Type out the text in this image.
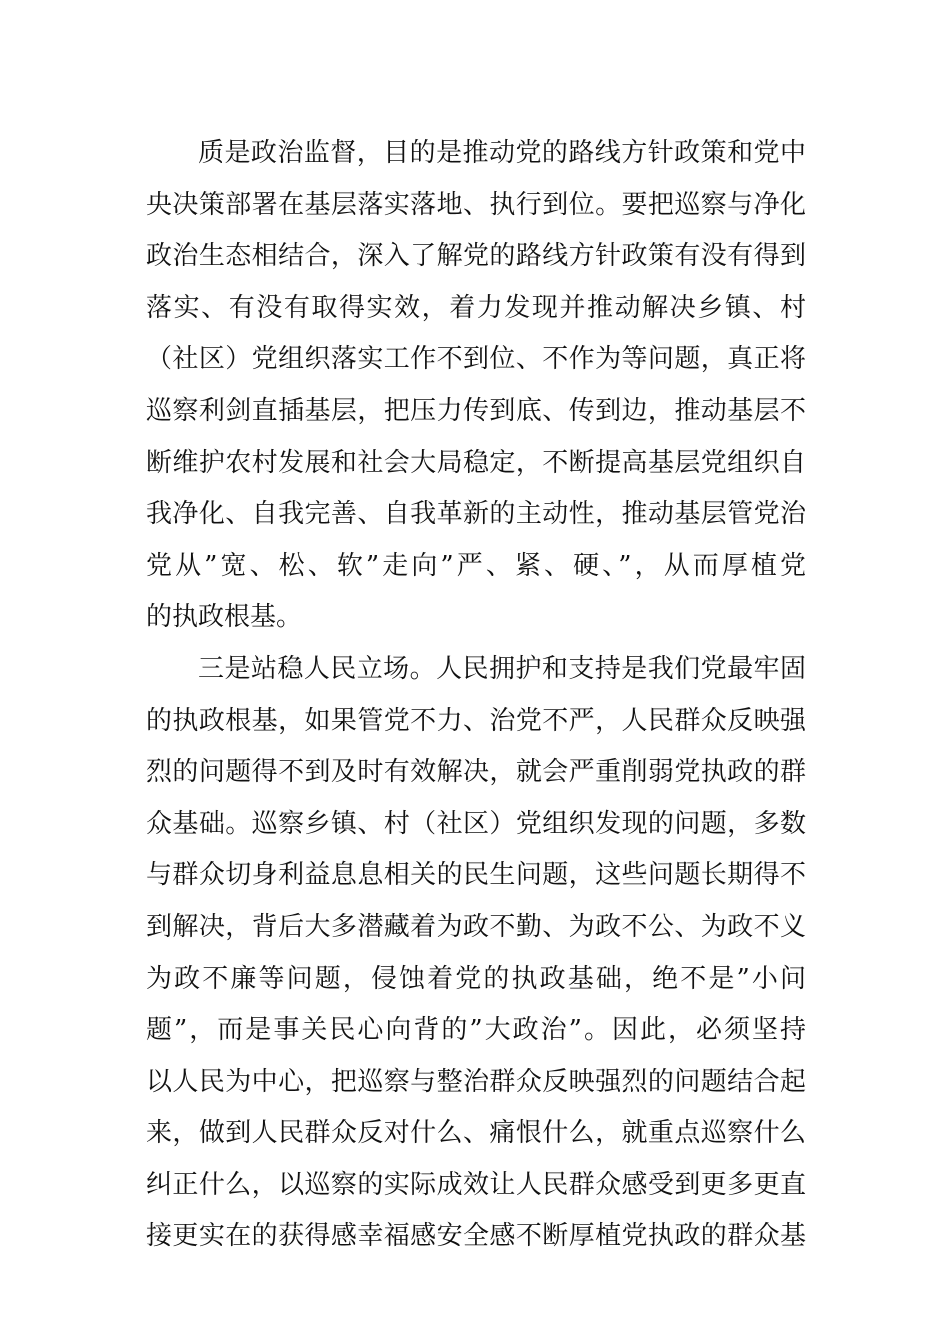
质是政治监督，目的是推动党的路线方针政策和党中
央决策部署在基层落实落地、执行到位。要把巡察与净化
政治生态相结合，深入了解党的路线方针政策有没有得到
落实、有没有取得实效，着力发现并推动解决乡镇、村
（社区）党组织落实工作不到位、不作为等问题，真正将
巡察利剑直插基层，把压力传到底、传到边，推动基层不
断维护农村发展和社会大局稳定，不断提高基层党组织自
我净化、自我完善、自我革新的主动性，推动基层管党治
党从”宽、松、软”走向”严、紧、硬、”，从而厚植党
的执政根基。
三是站稳人民立场。人民拥护和支持是我们党最牢固
的执政根基，如果管党不力、治党不严，人民群众反映强
烈的问题得不到及时有效解决，就会严重削弱党执政的群
众基础。巡察乡镇、村（社区）党组织发现的问题，多数
与群众切身利益息息相关的民生问题，这些问题长期得不
到解决，背后大多潜藏着为政不勤、为政不公、为政不义
为政不廉等问题，侵蚀着党的执政基础，绝不是”小问
题”，而是事关民心向背的”大政治”。因此，必须坚持
以人民为中心，把巡察与整治群众反映强烈的问题结合起
来，做到人民群众反对什么、痛恨什么，就重点巡察什么
纠正什么，以巡察的实际成效让人民群众感受到更多更直
接更实在的获得感幸福感安全感不断厚植党执政的群众基
